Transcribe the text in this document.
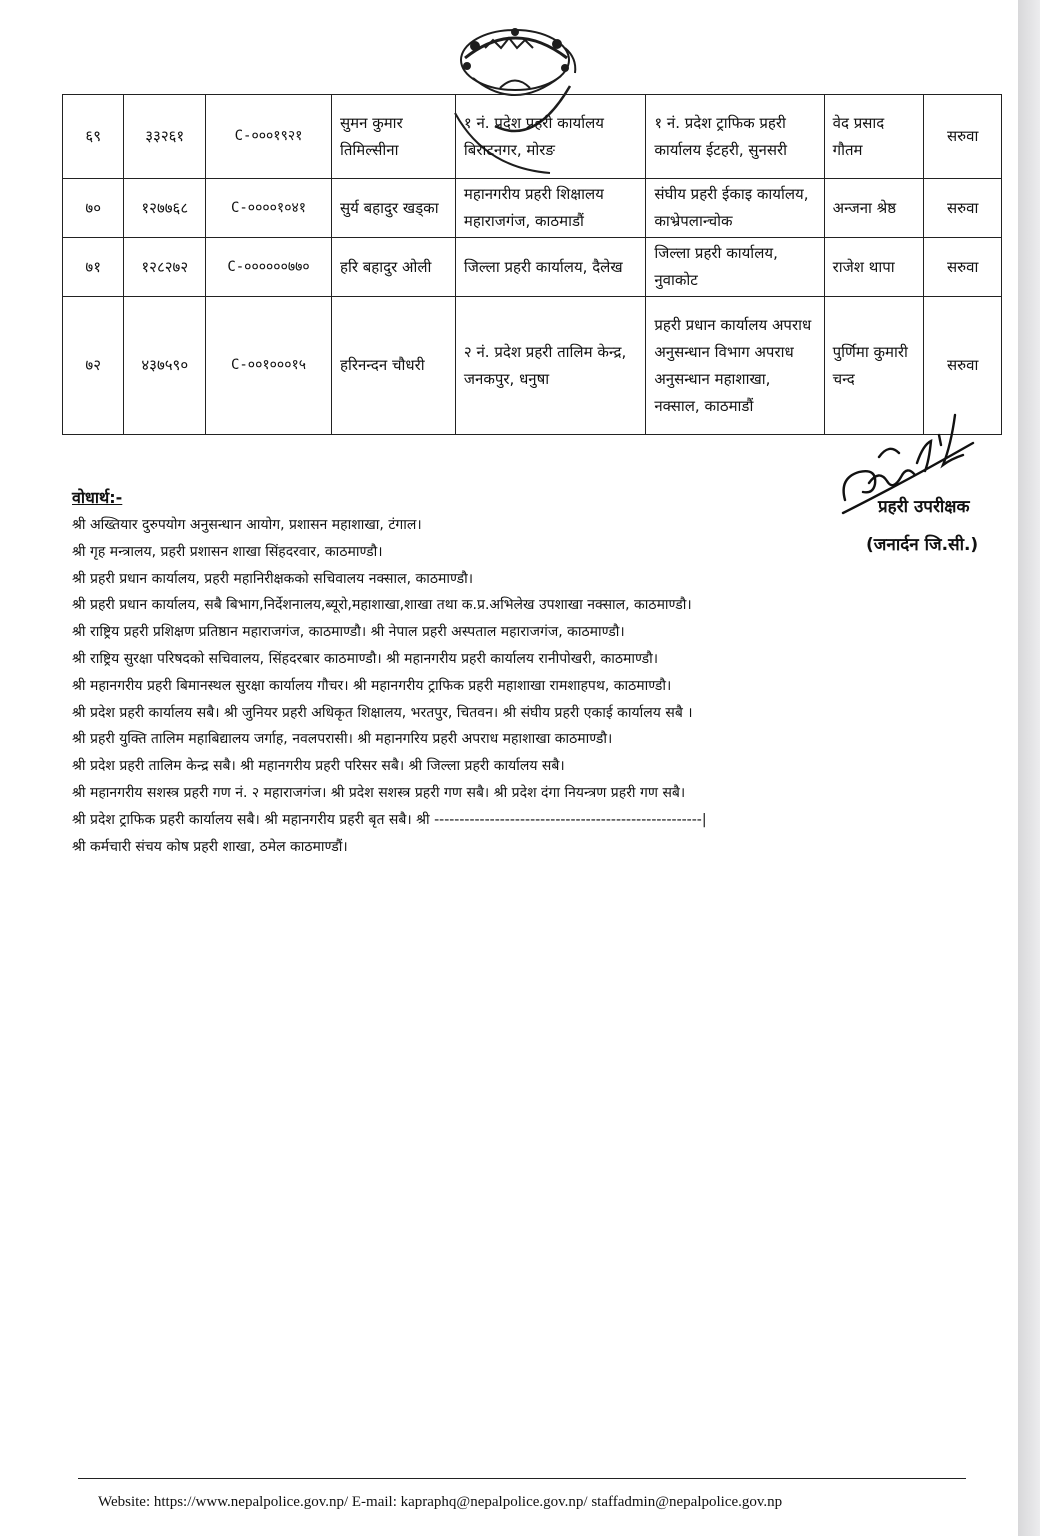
६९	३३२६१	C-०००१९२१	सुमन कुमार तिमिल्सीना	१ नं. प्रदेश प्रहरी कार्यालय बिराटनगर, मोरङ	१ नं. प्रदेश ट्राफिक प्रहरी कार्यालय ईटहरी, सुनसरी	वेद प्रसाद गौतम	सरुवा
७०	१२७७६८	C-००००१०४१	सुर्य बहादुर खड्का	महानगरीय प्रहरी शिक्षालय महाराजगंज, काठमाडौं	संघीय प्रहरी ईकाइ कार्यालय, काभ्रेपलान्चोक	अन्जना श्रेष्ठ	सरुवा
७१	१२८२७२	C-००००००७७०	हरि बहादुर ओली	जिल्ला प्रहरी कार्यालय, दैलेख	जिल्ला प्रहरी कार्यालय, नुवाकोट	राजेश थापा	सरुवा
७२	४३७५९०	C-००१०००१५	हरिनन्दन चौधरी	२ नं. प्रदेश प्रहरी तालिम केन्द्र, जनकपुर, धनुषा	प्रहरी प्रधान कार्यालय अपराध अनुसन्धान विभाग अपराध अनुसन्धान महाशाखा, नक्साल, काठमाडौं	पुर्णिमा कुमारी चन्द	सरुवा

प्रहरी उपरीक्षक

(जनार्दन जि.सी.)

वोधार्थ:-

श्री अख्तियार दुरुपयोग अनुसन्धान आयोग, प्रशासन महाशाखा, टंगाल।
श्री गृह मन्त्रालय, प्रहरी प्रशासन शाखा सिंहदरवार, काठमाण्डौ।
श्री प्रहरी प्रधान कार्यालय, प्रहरी महानिरीक्षकको सचिवालय नक्साल, काठमाण्डौ।
श्री प्रहरी प्रधान कार्यालय, सबै बिभाग,निर्देशनालय,ब्यूरो,महाशाखा,शाखा तथा क.प्र.अभिलेख उपशाखा नक्साल, काठमाण्डौ।
श्री राष्ट्रिय प्रहरी प्रशिक्षण प्रतिष्ठान महाराजगंज, काठमाण्डौ। श्री नेपाल प्रहरी अस्पताल महाराजगंज, काठमाण्डौ।
श्री राष्ट्रिय सुरक्षा परिषदको सचिवालय, सिंहदरबार काठमाण्डौ। श्री महानगरीय प्रहरी कार्यालय रानीपोखरी, काठमाण्डौ।
श्री महानगरीय प्रहरी बिमानस्थल सुरक्षा कार्यालय गौचर। श्री महानगरीय ट्राफिक प्रहरी महाशाखा रामशाहपथ, काठमाण्डौ।
श्री प्रदेश प्रहरी कार्यालय सबै। श्री जुनियर प्रहरी अधिकृत शिक्षालय, भरतपुर, चितवन। श्री संघीय प्रहरी एकाई कार्यालय सबै ।
श्री प्रहरी युक्ति तालिम महाबिद्यालय जर्गाह, नवलपरासी। श्री महानगरिय प्रहरी अपराध महाशाखा काठमाण्डौ।
श्री प्रदेश प्रहरी तालिम केन्द्र सबै। श्री महानगरीय प्रहरी परिसर सबै। श्री जिल्ला प्रहरी कार्यालय सबै।
श्री महानगरीय सशस्त्र प्रहरी गण नं. २ महाराजगंज। श्री प्रदेश सशस्त्र प्रहरी गण सबै। श्री प्रदेश दंगा नियन्त्रण प्रहरी गण सबै।
श्री प्रदेश ट्राफिक प्रहरी कार्यालय सबै। श्री महानगरीय प्रहरी बृत सबै। श्री -----------------------------------------------------|
श्री कर्मचारी संचय कोष प्रहरी शाखा, ठमेल काठमाण्डौं।

Website: https://www.nepalpolice.gov.np/ E-mail: kapraphq@nepalpolice.gov.np/ staffadmin@nepalpolice.gov.np
